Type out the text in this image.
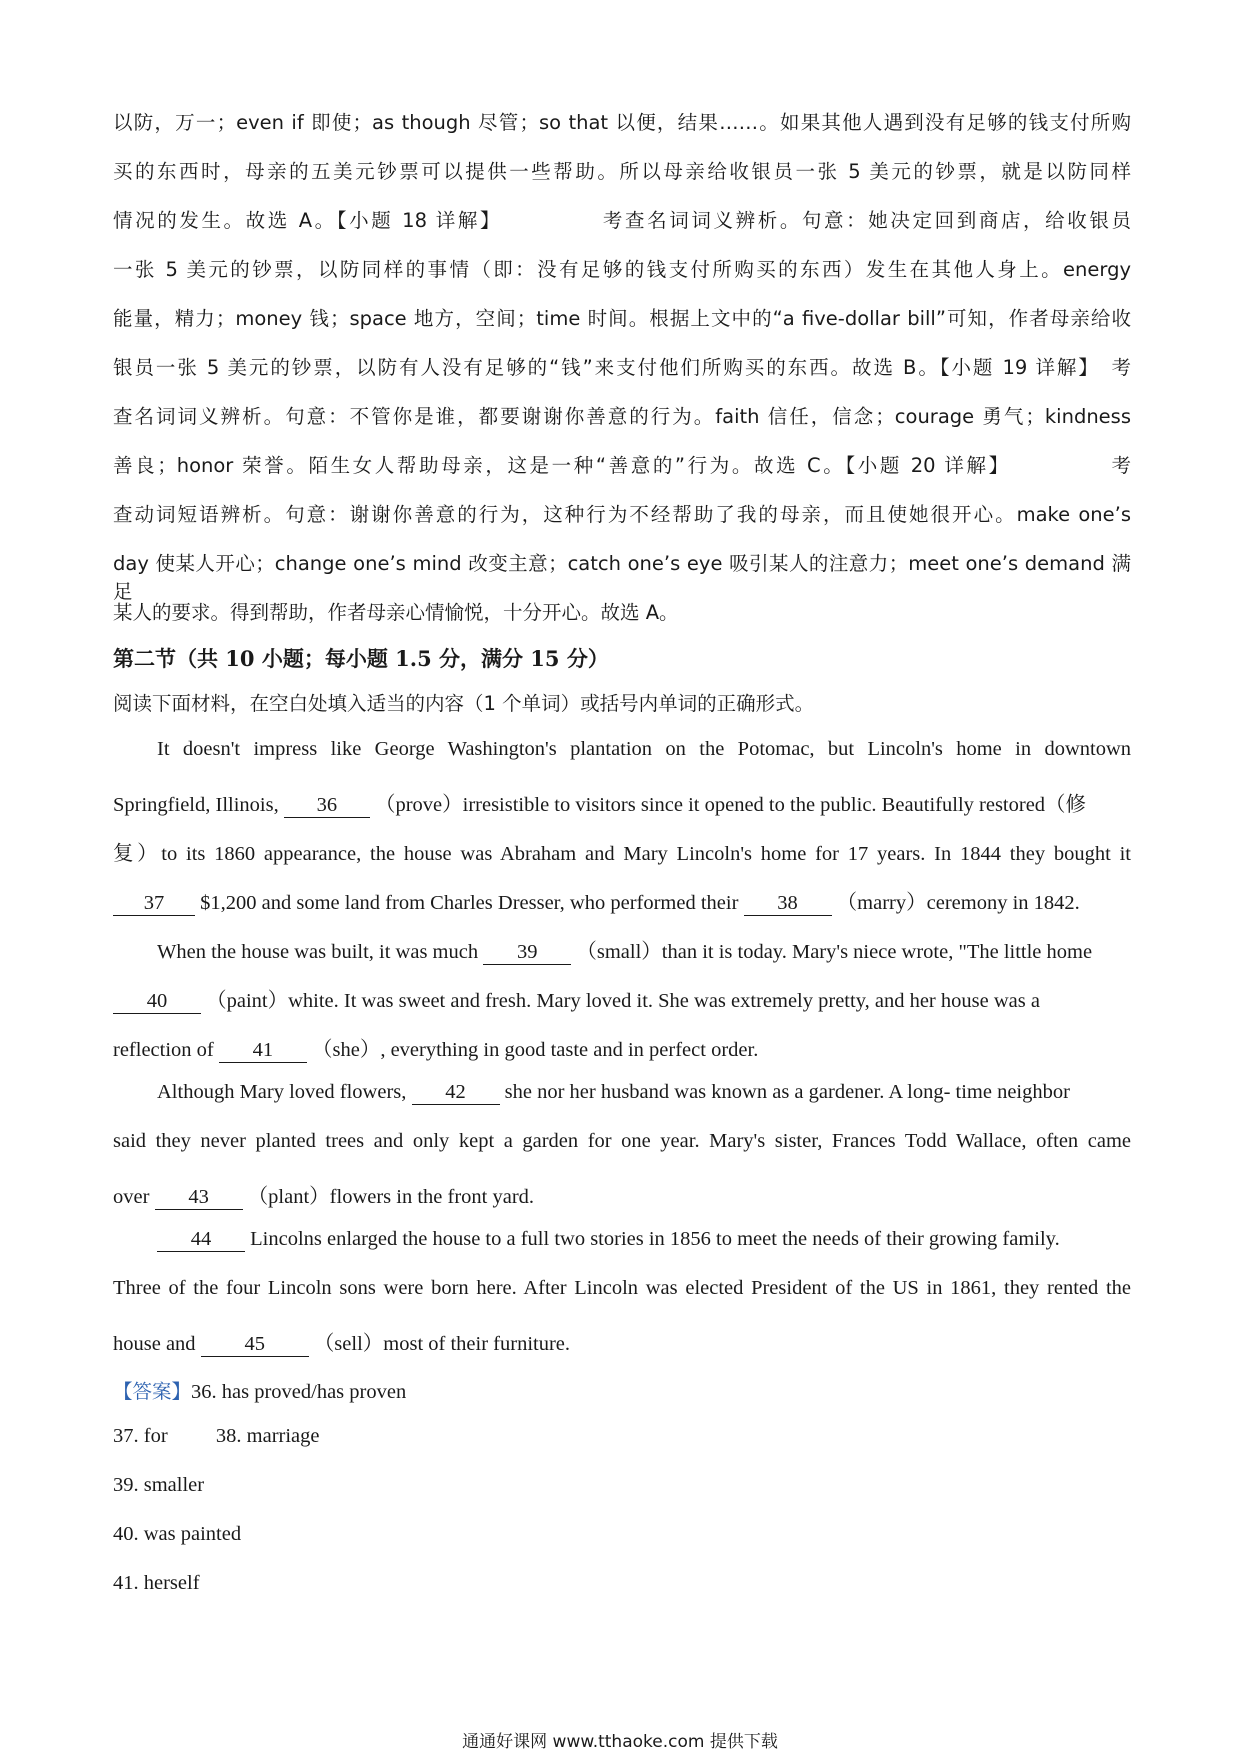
以防，万一；even if 即使；as though 尽管；so that 以便，结果……。如果其他人遇到没有足够的钱支付所购
买的东西时，母亲的五美元钞票可以提供一些帮助。所以母亲给收银员一张 5 美元的钞票，就是以防同样
情况的发生。故选 A。【小题 18 详解】　　　　　考查名词词义辨析。句意：她决定回到商店，给收银员
一张 5 美元的钞票，以防同样的事情（即：没有足够的钱支付所购买的东西）发生在其他人身上。energy
能量，精力；money 钱；space 地方，空间；time 时间。根据上文中的“a five-dollar bill”可知，作者母亲给收
银员一张 5 美元的钞票，以防有人没有足够的“钱”来支付他们所购买的东西。故选 B。【小题 19 详解】　考
查名词词义辨析。句意：不管你是谁，都要谢谢你善意的行为。faith 信任，信念；courage 勇气；kindness
善良；honor 荣誉。陌生女人帮助母亲，这是一种“善意的”行为。故选 C。【小题 20 详解】　　　　　考
查动词短语辨析。句意：谢谢你善意的行为，这种行为不经帮助了我的母亲，而且使她很开心。make one’s
day 使某人开心；change one’s mind 改变主意；catch one’s eye 吸引某人的注意力；meet one’s demand 满足
某人的要求。得到帮助，作者母亲心情愉悦，十分开心。故选 A。
第二节（共 10 小题；每小题 1.5 分，满分 15 分）
阅读下面材料，在空白处填入适当的内容（1 个单词）或括号内单词的正确形式。
It doesn't impress like George Washington's plantation on the Potomac, but Lincoln's home in downtown
Springfield, Illinois, 36 （prove）irresistible to visitors since it opened to the public. Beautifully restored（修
复）to its 1860 appearance, the house was Abraham and Mary Lincoln's home for 17 years. In 1844 they bought it
37 $1,200 and some land from Charles Dresser, who performed their 38 （marry）ceremony in 1842.
When the house was built, it was much 39 （small）than it is today. Mary's niece wrote, "The little home
40 （paint）white. It was sweet and fresh. Mary loved it. She was extremely pretty, and her house was a
reflection of 41 （she）, everything in good taste and in perfect order.
Although Mary loved flowers, 42 she nor her husband was known as a gardener. A long- time neighbor
said they never planted trees and only kept a garden for one year. Mary's sister, Frances Todd Wallace, often came
over 43 （plant）flowers in the front yard.
44 Lincolns enlarged the house to a full two stories in 1856 to meet the needs of their growing family.
Three of the four Lincoln sons were born here. After Lincoln was elected President of the US in 1861, they rented the
house and 45 （sell）most of their furniture.
【答案】36. has proved/has proven
37. for 38. marriage
39. smaller
40. was painted
41. herself
通通好课网 www.tthaoke.com 提供下载
